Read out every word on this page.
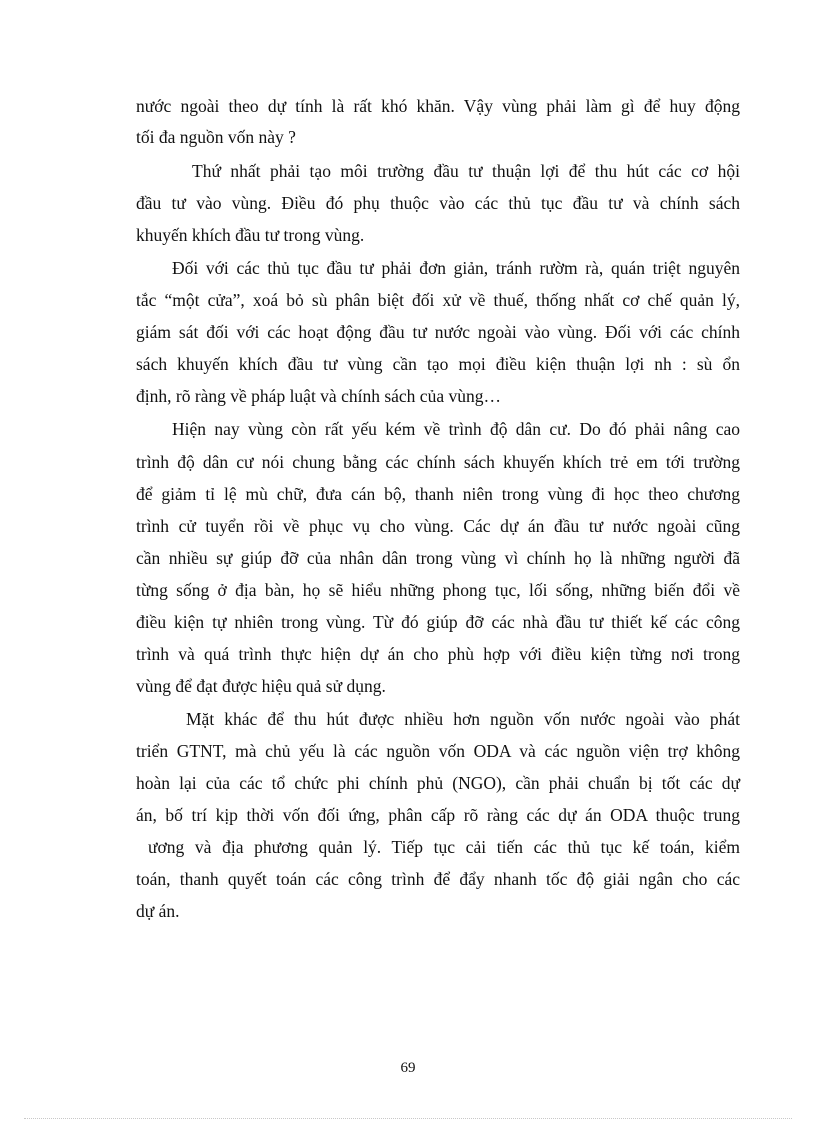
nước ngoài theo dự tính là rất khó khăn. Vậy vùng phải làm gì để huy động
tối đa nguồn vốn này ?
Thứ nhất phải tạo môi trường đầu tư thuận lợi để thu hút các cơ hội
đầu tư vào vùng. Điều đó phụ thuộc vào các thủ tục đầu tư và chính sách
khuyến khích đầu tư trong vùng.
Đối với các thủ tục đầu tư phải đơn giản, tránh rườm rà, quán triệt nguyên
tắc “một cửa”, xoá bỏ sù phân biệt đối xử về thuế, thống nhất cơ chế quản lý,
giám sát đối với các hoạt động đầu tư nước ngoài vào vùng. Đối với các chính
sách khuyến khích đầu tư vùng cần tạo mọi điều kiện thuận lợi nh : sù ổn
định, rõ ràng về pháp luật và chính sách của vùng…
Hiện nay vùng còn rất yếu kém về trình độ dân cư. Do đó phải nâng cao
trình độ dân cư nói chung bằng các chính sách khuyến khích trẻ em tới trường
để giảm tỉ lệ mù chữ, đưa cán bộ, thanh niên trong vùng đi học theo chương
trình cử tuyển rồi về phục vụ cho vùng. Các dự án đầu tư nước ngoài cũng
cần nhiều sự giúp đỡ của nhân dân trong vùng vì chính họ là những người đã
từng sống ở địa bàn, họ sẽ hiểu những phong tục, lối sống, những biến đổi về
điều kiện tự nhiên trong vùng. Từ đó giúp đỡ các nhà đầu tư thiết kế các công
trình và quá trình thực hiện dự án cho phù hợp với điều kiện từng nơi trong
vùng để đạt được hiệu quả sử dụng.
Mặt khác để thu hút được nhiều hơn nguồn vốn nước ngoài vào phát
triển GTNT, mà chủ yếu là các nguồn vốn ODA và các nguồn viện trợ không
hoàn lại của các tổ chức phi chính phủ (NGO), cần phải chuẩn bị tốt các dự
án, bố trí kịp thời vốn đối ứng, phân cấp rõ ràng các dự án ODA thuộc trung
ương và địa phương quản lý. Tiếp tục cải tiến các thủ tục kế toán, kiểm
toán, thanh quyết toán các công trình để đẩy nhanh tốc độ giải ngân cho các
dự án.
69
